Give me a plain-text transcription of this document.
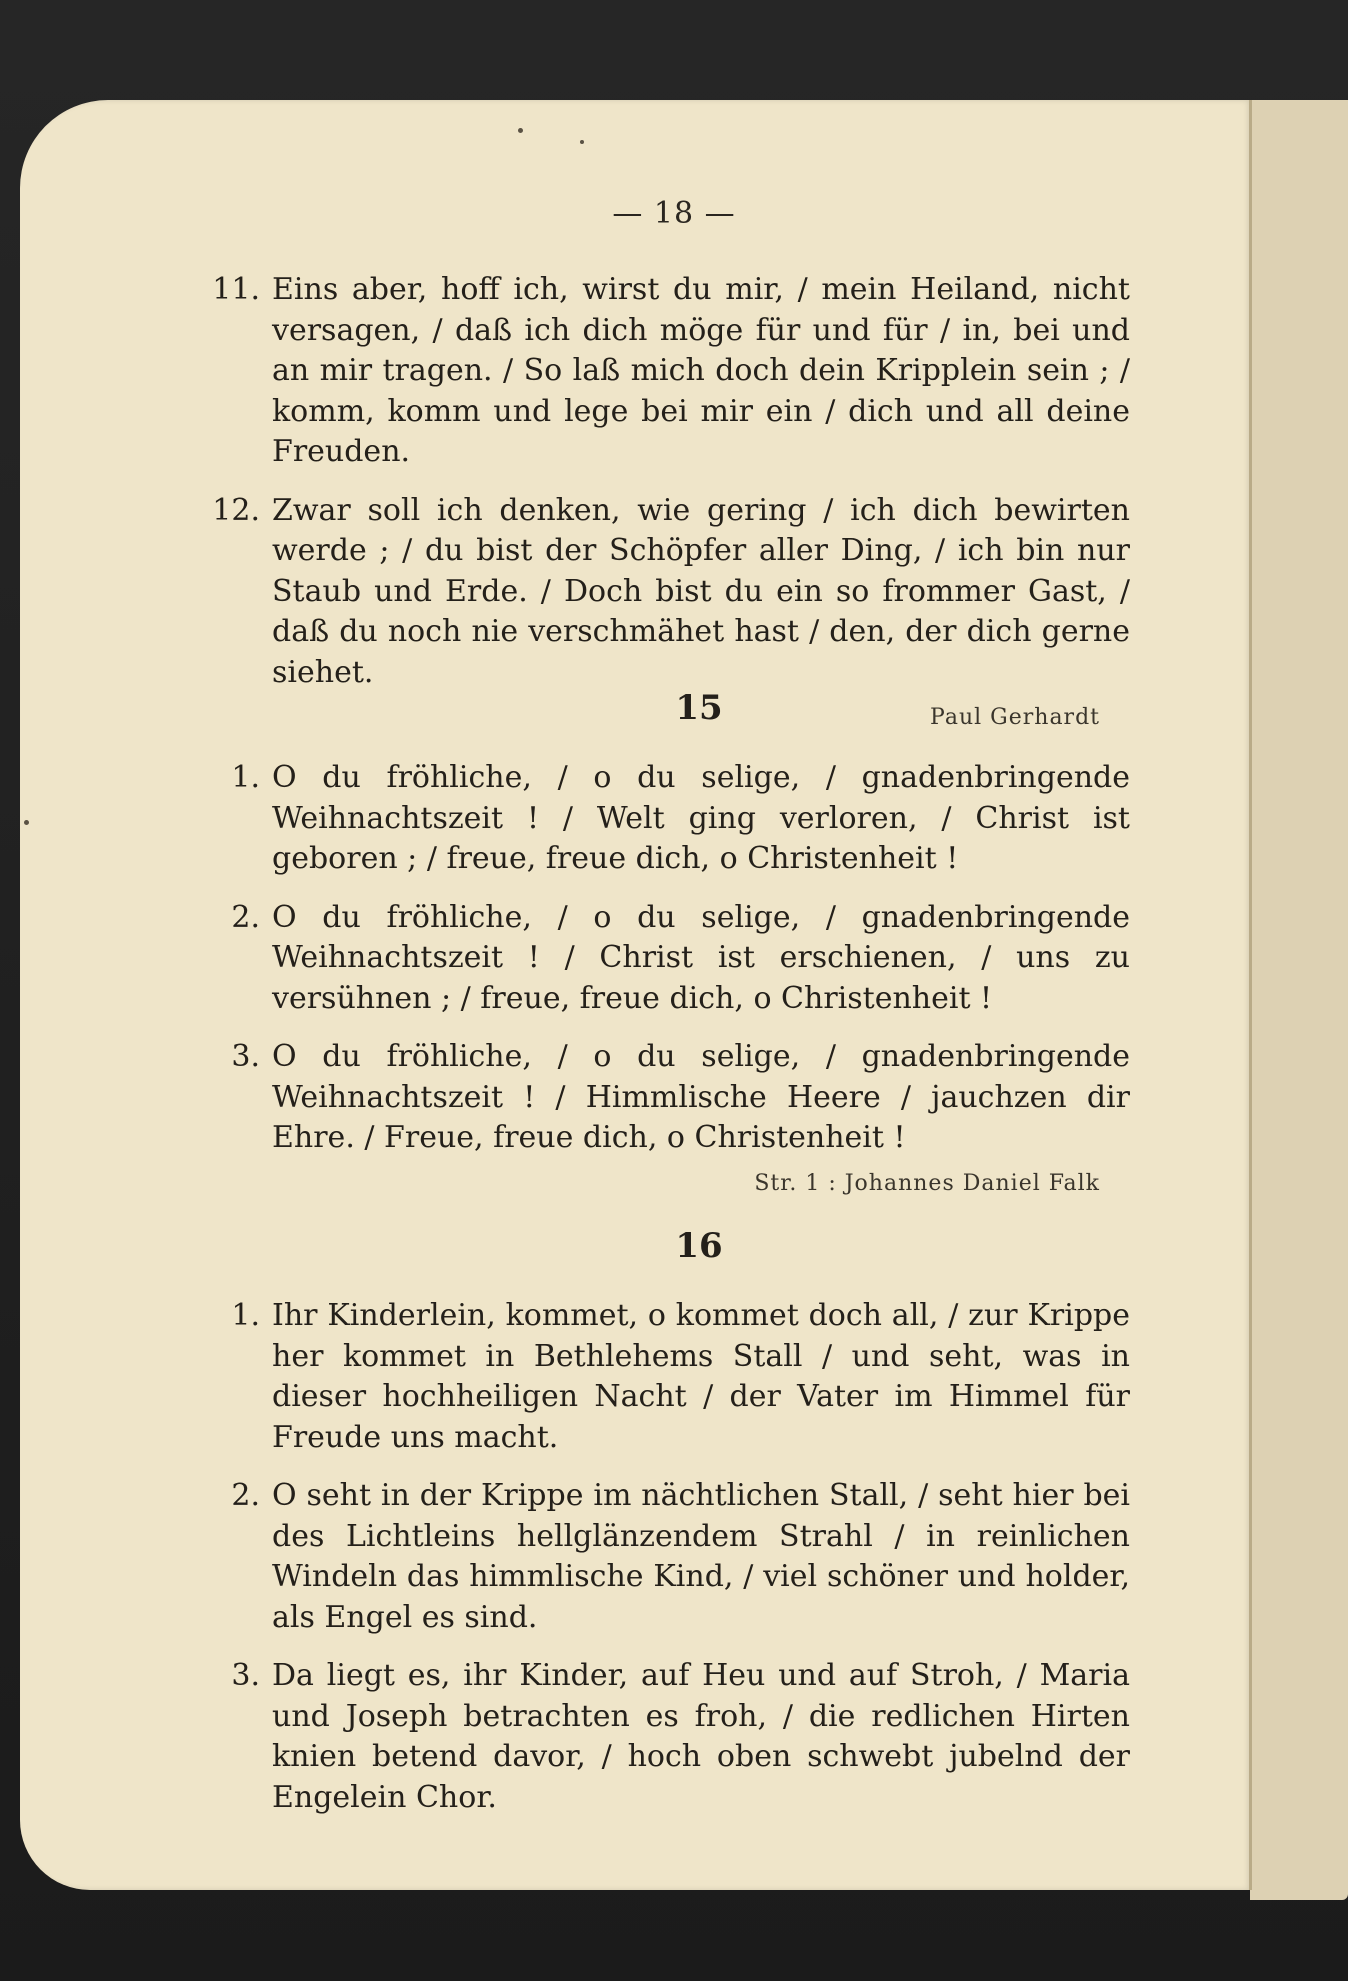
— 18 —
11. Eins aber, hoff ich, wirst du mir, / mein Heiland, nicht versagen, / daß ich dich möge für und für / in, bei und an mir tragen. / So laß mich doch dein Kripplein sein ; / komm, komm und lege bei mir ein / dich und all deine Freuden.
12. Zwar soll ich denken, wie gering / ich dich bewirten werde ; / du bist der Schöpfer aller Ding, / ich bin nur Staub und Erde. / Doch bist du ein so frommer Gast, / daß du noch nie verschmähet hast / den, der dich gerne siehet.
Paul Gerhardt
15
1. O du fröhliche, / o du selige, / gnadenbringende Weihnachtszeit ! / Welt ging verloren, / Christ ist geboren ; / freue, freue dich, o Christenheit !
2. O du fröhliche, / o du selige, / gnadenbringende Weihnachtszeit ! / Christ ist erschienen, / uns zu versühnen ; / freue, freue dich, o Christenheit !
3. O du fröhliche, / o du selige, / gnadenbringende Weihnachtszeit ! / Himmlische Heere / jauchzen dir Ehre. / Freue, freue dich, o Christenheit !
Str. 1 : Johannes Daniel Falk
16
1. Ihr Kinderlein, kommet, o kommet doch all, / zur Krippe her kommet in Bethlehems Stall / und seht, was in dieser hochheiligen Nacht / der Vater im Himmel für Freude uns macht.
2. O seht in der Krippe im nächtlichen Stall, / seht hier bei des Lichtleins hellglänzendem Strahl / in reinlichen Windeln das himmlische Kind, / viel schöner und holder, als Engel es sind.
3. Da liegt es, ihr Kinder, auf Heu und auf Stroh, / Maria und Joseph betrachten es froh, / die redlichen Hirten knien betend davor, / hoch oben schwebt jubelnd der Engelein Chor.
